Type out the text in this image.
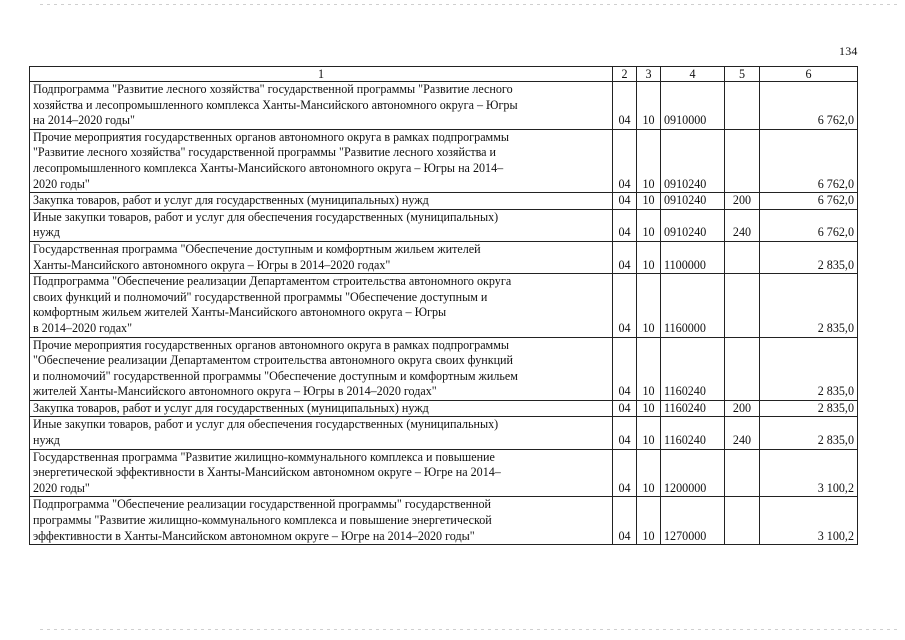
134
1	2	3	4	5	6

Подпрограмма "Развитие лесного хозяйства" государственной программы "Развитие лесного
хозяйства и лесопромышленного комплекса Ханты-Мансийского автономного округа – Югры
на 2014–2020 годы"	04	10	0910000		6 762,0

Прочие мероприятия государственных органов автономного округа в рамках подпрограммы
"Развитие лесного хозяйства" государственной программы "Развитие лесного хозяйства и
лесопромышленного комплекса Ханты-Мансийского автономного округа – Югры на 2014–
2020 годы"	04	10	0910240		6 762,0

Закупка товаров, работ и услуг для государственных (муниципальных) нужд	04	10	0910240	200	6 762,0

Иные закупки товаров, работ и услуг для обеспечения государственных (муниципальных)
нужд	04	10	0910240	240	6 762,0

Государственная программа "Обеспечение доступным и комфортным жильем жителей
Ханты-Мансийского автономного округа – Югры в 2014–2020 годах"	04	10	1100000		2 835,0

Подпрограмма "Обеспечение реализации Департаментом строительства автономного округа
своих функций и полномочий" государственной программы "Обеспечение доступным и
комфортным жильем жителей Ханты-Мансийского автономного округа – Югры
в 2014–2020 годах"	04	10	1160000		2 835,0

Прочие мероприятия государственных органов автономного округа в рамках подпрограммы
"Обеспечение реализации Департаментом строительства автономного округа своих функций
и полномочий" государственной программы "Обеспечение доступным и комфортным жильем
жителей Ханты-Мансийского автономного округа – Югры в 2014–2020 годах"	04	10	1160240		2 835,0

Закупка товаров, работ и услуг для государственных (муниципальных) нужд	04	10	1160240	200	2 835,0

Иные закупки товаров, работ и услуг для обеспечения государственных (муниципальных)
нужд	04	10	1160240	240	2 835,0

Государственная программа "Развитие жилищно-коммунального комплекса и повышение
энергетической эффективности в Ханты-Мансийском автономном округе – Югре на 2014–
2020 годы"	04	10	1200000		3 100,2

Подпрограмма "Обеспечение реализации государственной программы" государственной
программы "Развитие жилищно-коммунального комплекса и повышение энергетической
эффективности в Ханты-Мансийском автономном округе – Югре на 2014–2020 годы"	04	10	1270000		3 100,2
